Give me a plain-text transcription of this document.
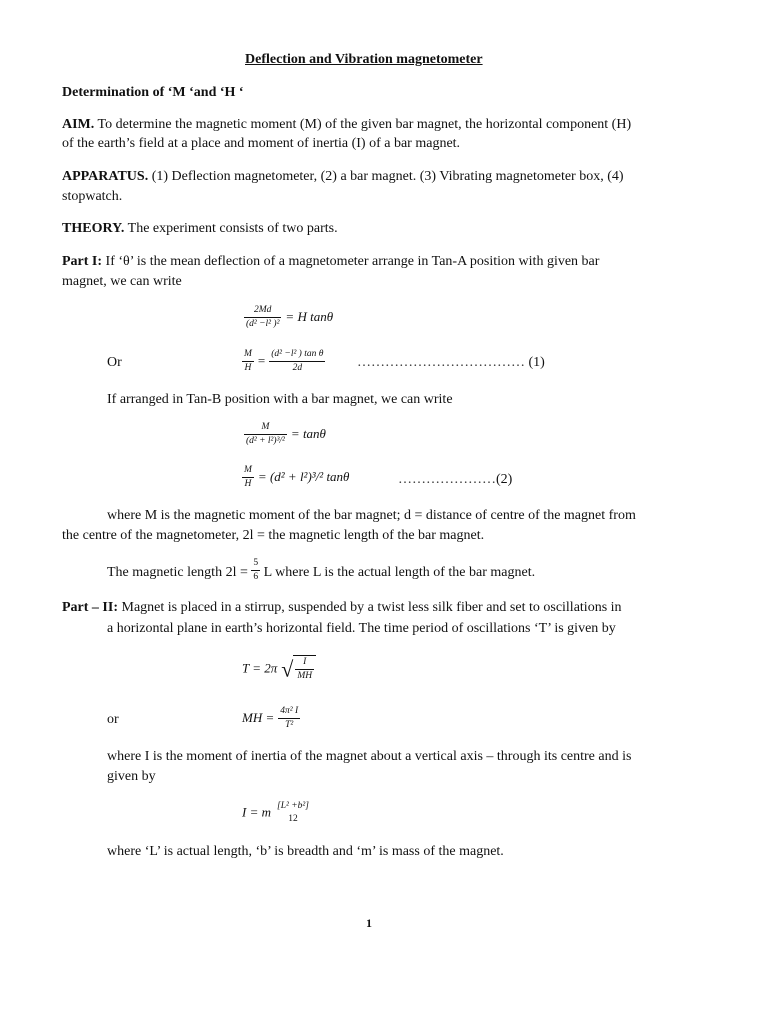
Deflection and Vibration magnetometer
Determination of ‘M ‘and ‘H ‘
AIM. To determine the magnetic moment (M) of the given bar magnet, the horizontal component (H)
of the earth’s field at a place and moment of inertia (I) of a bar magnet.
APPARATUS. (1) Deflection magnetometer, (2) a bar magnet. (3) Vibrating magnetometer box, (4)
stopwatch.
THEORY. The experiment consists of two parts.
Part I: If ‘θ’ is the mean deflection of a magnetometer arrange in Tan-A position with given bar
magnet, we can write
$\frac{2Md}{\text{(d² −l² )²}} = H$ tanθ
Or	$\frac{M}{H} = \frac{\text{(d² −l² ) tan θ}}{2d}$ ……………………………… (1)
If arranged in Tan-B position with a bar magnet, we can write
$\frac{M}{\text{(d² + l²)³/²}} = \tan\theta$
$\frac{M}{H} = (d^2 + l^2)^3/^2$ tanθ	…………………(2)
where M is the magnetic moment of the bar magnet; d = distance of centre of the magnet from
the centre of the magnetometer, 2l = the magnetic length of the bar magnet.
The magnetic length $2l = \frac{5}{6}$ L where L is the actual length of the bar magnet.
Part – II: Magnet is placed in a stirrup, suspended by a twist less silk fiber and set to oscillations in
a horizontal plane in earth’s horizontal field. The time period of oscillations ‘T’ is given by
T = 2π √ $\frac{I}{MH}$
or	MH = $\frac{\text{4π² I}}{\text{T²}}$
where I is the moment of inertia of the magnet about a vertical axis – through its centre and is
given by
I = m [L² +b²]
12
where ‘L’ is actual length, ‘b’ is breadth and ‘m’ is mass of the magnet.
1
